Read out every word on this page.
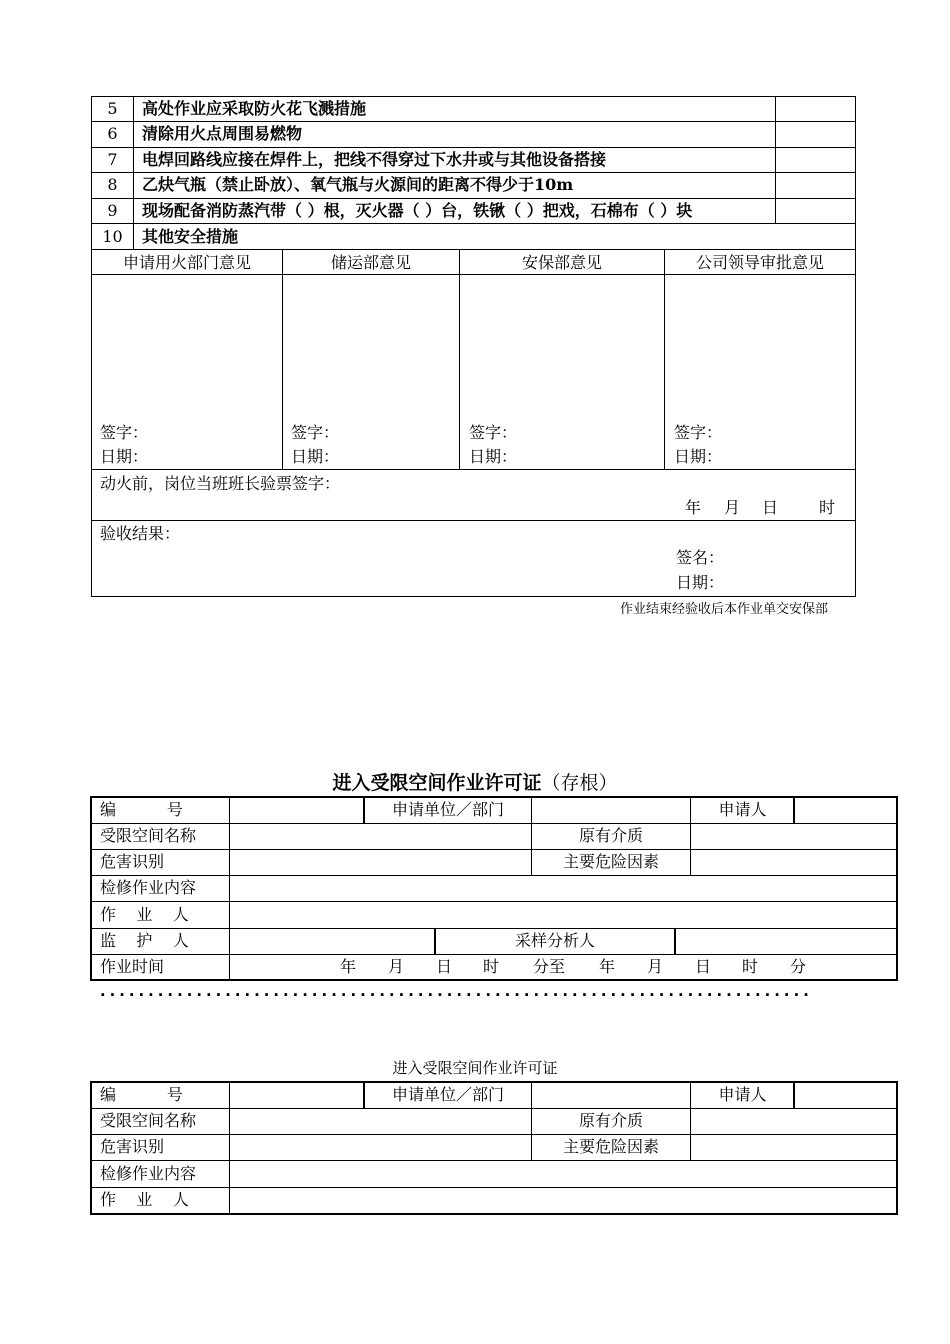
5	高处作业应采取防火花飞溅措施
6	清除用火点周围易燃物
7	电焊回路线应接在焊件上，把线不得穿过下水井或与其他设备搭接
8	乙炔气瓶（禁止卧放）、氧气瓶与火源间的距离不得少于10m
9	现场配备消防蒸汽带（ ）根，灭火器（ ）台，铁锹（ ）把戏，石棉布（ ）块
10	其他安全措施
申请用火部门意见	储运部意见	安保部意见	公司领导审批意见
签字：
日期：
签字：
日期：
签字：
日期：
签字：
日期：
动火前，岗位当班班长验票签字：
年 月 日	时
验收结果：
签名：
日期：
作业结束经验收后本作业单交安保部
进入受限空间作业许可证（存根）
编          号	申请单位／部门	申请人
受限空间名称	原有介质
危害识别	主要危险因素
检修作业内容
作    业    人
监    护    人	采样分析人
作业时间	年 月 日 时 分至 年 月 日 时 分
··········································································
进入受限空间作业许可证
编          号	申请单位／部门	申请人
受限空间名称	原有介质
危害识别	主要危险因素
检修作业内容
作    业    人
